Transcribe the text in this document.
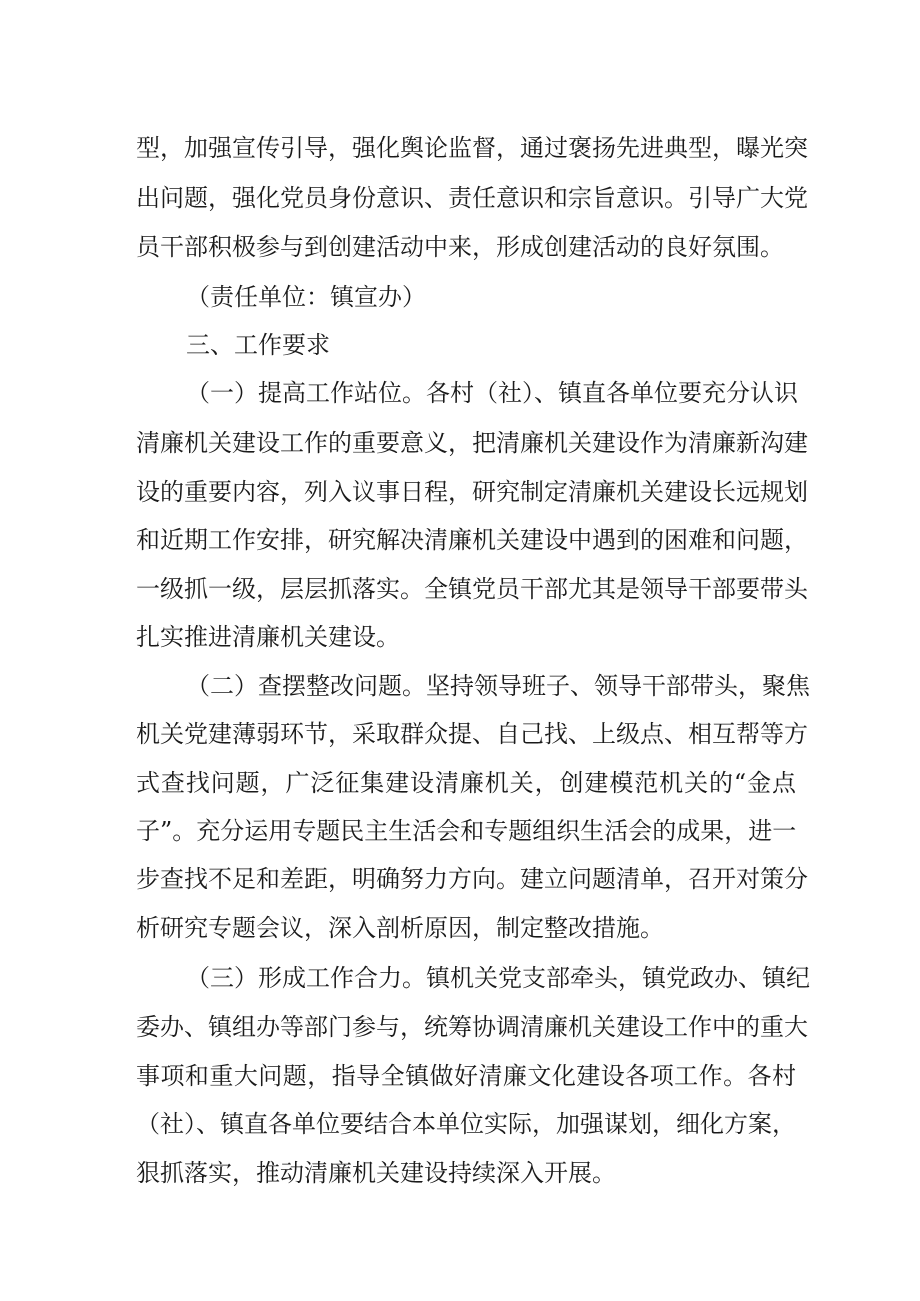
型，加强宣传引导，强化舆论监督，通过褒扬先进典型，曝光突
出问题，强化党员身份意识、责任意识和宗旨意识。引导广大党
员干部积极参与到创建活动中来，形成创建活动的良好氛围。
（责任单位：镇宣办）
三、工作要求
（一）提高工作站位。各村（社）、镇直各单位要充分认识
清廉机关建设工作的重要意义，把清廉机关建设作为清廉新沟建
设的重要内容，列入议事日程，研究制定清廉机关建设长远规划
和近期工作安排，研究解决清廉机关建设中遇到的困难和问题，
一级抓一级，层层抓落实。全镇党员干部尤其是领导干部要带头
扎实推进清廉机关建设。
（二）查摆整改问题。坚持领导班子、领导干部带头，聚焦
机关党建薄弱环节，采取群众提、自己找、上级点、相互帮等方
式查找问题，广泛征集建设清廉机关，创建模范机关的“金点
子”。充分运用专题民主生活会和专题组织生活会的成果，进一
步查找不足和差距，明确努力方向。建立问题清单，召开对策分
析研究专题会议，深入剖析原因，制定整改措施。
（三）形成工作合力。镇机关党支部牵头，镇党政办、镇纪
委办、镇组办等部门参与，统筹协调清廉机关建设工作中的重大
事项和重大问题，指导全镇做好清廉文化建设各项工作。各村
（社）、镇直各单位要结合本单位实际，加强谋划，细化方案，
狠抓落实，推动清廉机关建设持续深入开展。
